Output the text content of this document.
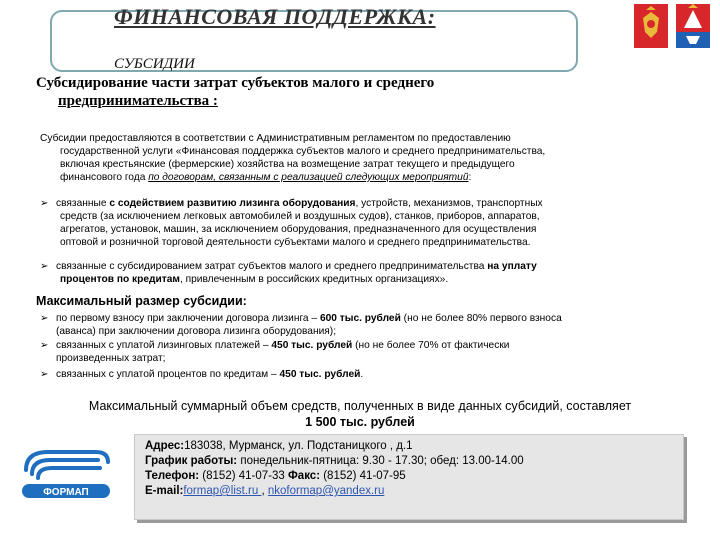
ФИНАНСОВАЯ ПОДДЕРЖКА:
СУБСИДИИ
Субсидирование части затрат субъектов малого и среднего
предпринимательства :
Субсидии предоставляются в соответствии с Административным регламентом по предоставлению
государственной услуги «Финансовая поддержка субъектов малого и среднего предпринимательства,
включая крестьянские (фермерские) хозяйства на возмещение затрат текущего и предыдущего
финансового года по договорам, связанным с реализацией следующих мероприятий:
➢ связанные с содействием развитию лизинга оборудования, устройств, механизмов, транспортных
средств (за исключением легковых автомобилей и воздушных судов), станков, приборов, аппаратов,
агрегатов, установок, машин, за исключением оборудования, предназначенного для осуществления
оптовой и розничной торговой деятельности субъектами малого и среднего предпринимательства.
➢ связанные с субсидированием затрат субъектов малого и среднего предпринимательства на уплату
процентов по кредитам, привлеченным в российских кредитных организациях».
Максимальный размер субсидии:
➢ по первому взносу при заключении договора лизинга – 600 тыс. рублей (но не более 80% первого взноса
(аванса) при заключении договора лизинга оборудования);
➢ связанных с уплатой лизинговых платежей – 450 тыс. рублей (но не более 70% от фактически
произведенных затрат;
➢ связанных с уплатой процентов по кредитам – 450 тыс. рублей.
Максимальный суммарный объем средств, полученных в виде данных субсидий, составляет
1 500 тыс. рублей
ФОРМАП
Адрес:183038, Мурманск, ул. Подстаницкого , д.1
График работы: понедельник-пятница: 9.30 - 17.30; обед: 13.00-14.00
Телефон: (8152) 41-07-33 Факс: (8152) 41-07-95
E-mail:formap@list.ru , nkoformap@yandex.ru
